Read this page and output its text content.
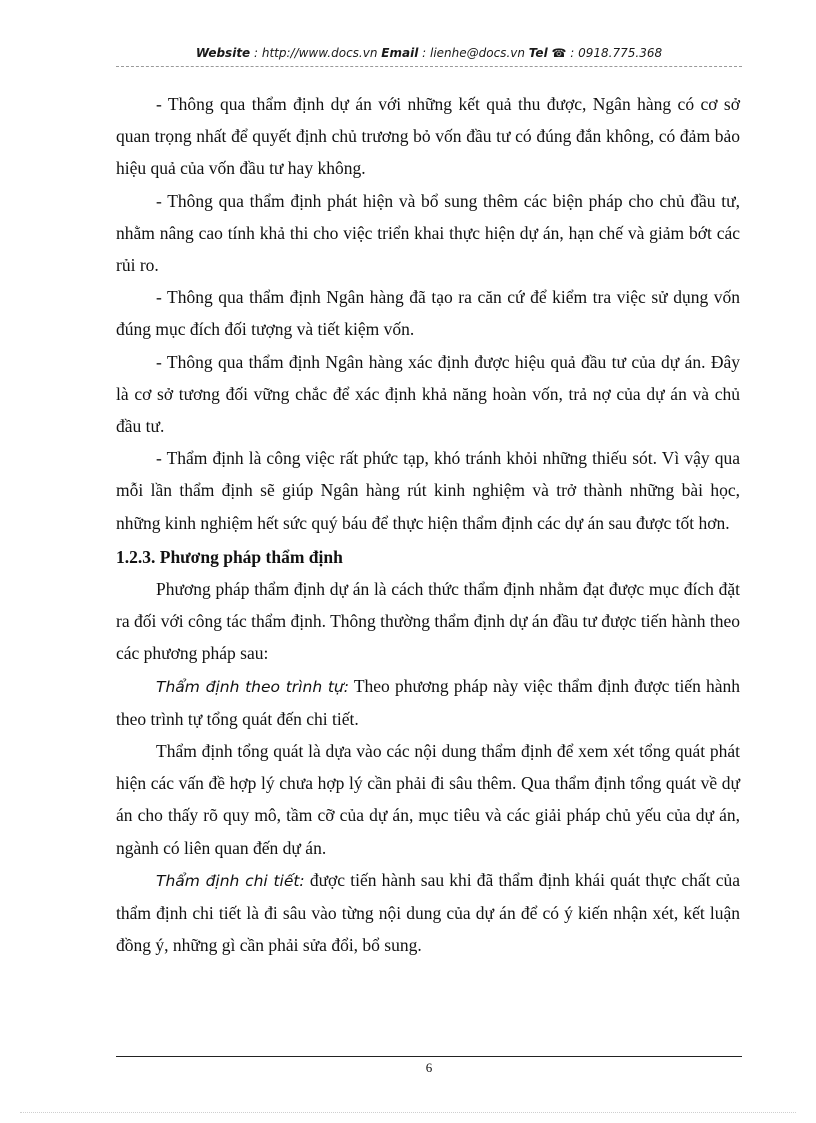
Website : http://www.docs.vn Email : lienhe@docs.vn Tel ☎ : 0918.775.368

- Thông qua thẩm định dự án với những kết quả thu được, Ngân hàng có cơ sở quan trọng nhất để quyết định chủ trương bỏ vốn đầu tư có đúng đắn không, có đảm bảo hiệu quả của vốn đầu tư hay không.

- Thông qua thẩm định phát hiện và bổ sung thêm các biện pháp cho chủ đầu tư, nhằm nâng cao tính khả thi cho việc triển khai thực hiện dự án, hạn chế và giảm bớt các rủi ro.

- Thông qua thẩm định Ngân hàng đã tạo ra căn cứ để kiểm tra việc sử dụng vốn đúng mục đích đối tượng và tiết kiệm vốn.

- Thông qua thẩm định Ngân hàng xác định được hiệu quả đầu tư của dự án. Đây là cơ sở tương đối vững chắc để xác định khả năng hoàn vốn, trả nợ của dự án và chủ đầu tư.

- Thẩm định là công việc rất phức tạp, khó tránh khỏi những thiếu sót. Vì vậy qua mỗi lần thẩm định sẽ giúp Ngân hàng rút kinh nghiệm và trở thành những bài học, những kinh nghiệm hết sức quý báu để thực hiện thẩm định các dự án sau được tốt hơn.

1.2.3. Phương pháp thẩm định

Phương pháp thẩm định dự án là cách thức thẩm định nhằm đạt được mục đích đặt ra đối với công tác thẩm định. Thông thường thẩm định dự án đầu tư được tiến hành theo các phương pháp sau:

Thẩm định theo trình tự: Theo phương pháp này việc thẩm định được tiến hành theo trình tự tổng quát đến chi tiết.

Thẩm định tổng quát là dựa vào các nội dung thẩm định để xem xét tổng quát phát hiện các vấn đề hợp lý chưa hợp lý cần phải đi sâu thêm. Qua thẩm định tổng quát về dự án cho thấy rõ quy mô, tầm cỡ của dự án, mục tiêu và các giải pháp chủ yếu của dự án, ngành có liên quan đến dự án.

Thẩm định chi tiết: được tiến hành sau khi đã thẩm định khái quát thực chất của thẩm định chi tiết là đi sâu vào từng nội dung của dự án để có ý kiến nhận xét, kết luận đồng ý, những gì cần phải sửa đổi, bổ sung.

6
